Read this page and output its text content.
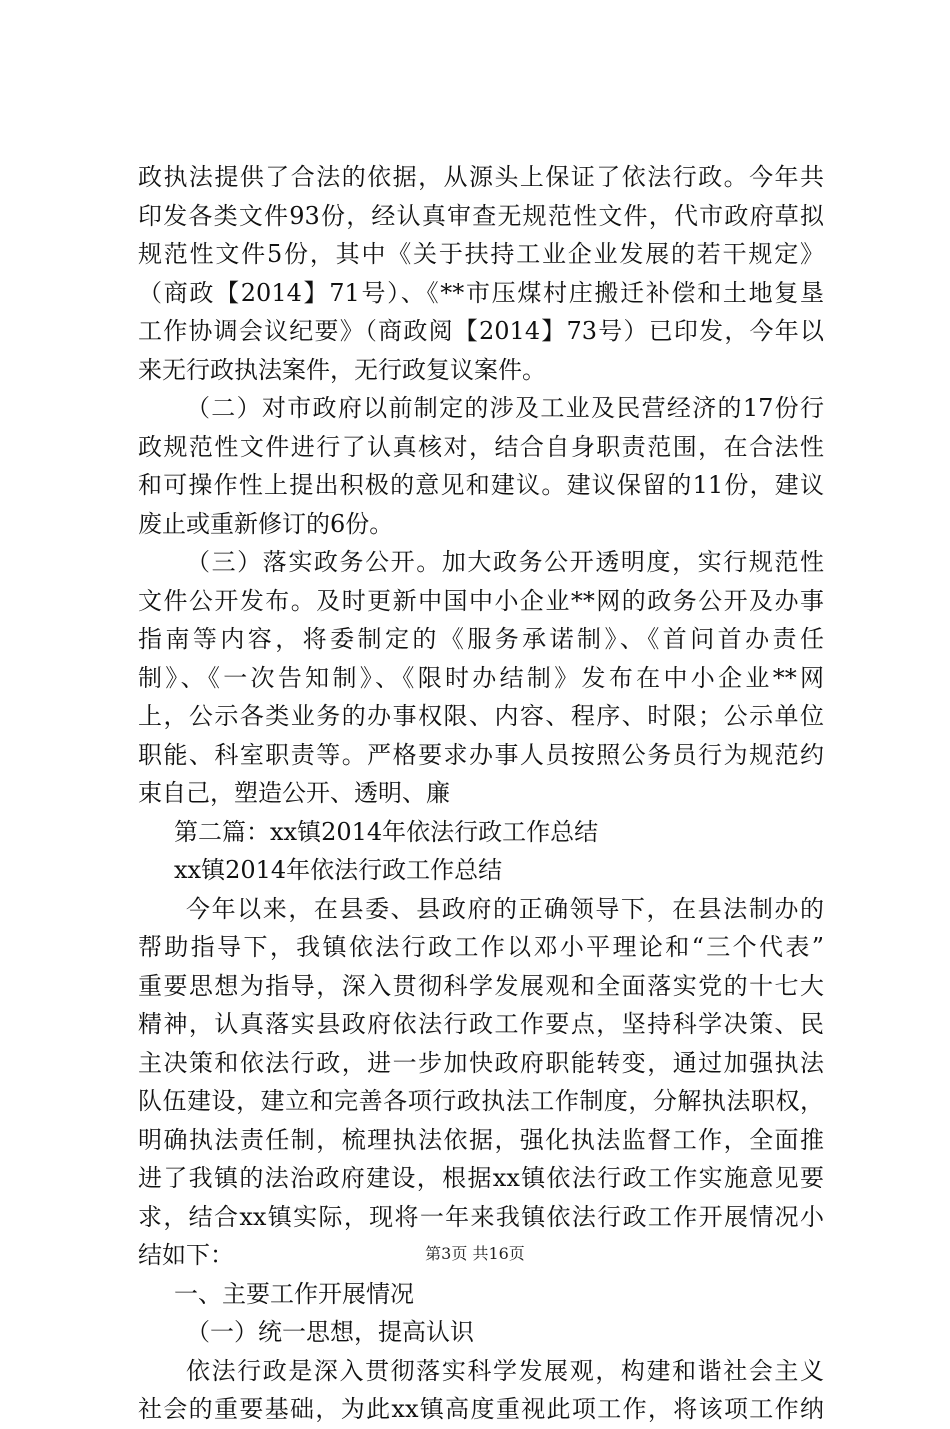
政执法提供了合法的依据，从源头上保证了依法行政。今年共
印发各类文件93份，经认真审查无规范性文件，代市政府草拟
规范性文件5份，其中《关于扶持工业企业发展的若干规定》
（商政【2014】71号）、《**市压煤村庄搬迁补偿和土地复垦
工作协调会议纪要》（商政阅【2014】73号）已印发，今年以
来无行政执法案件，无行政复议案件。
（二）对市政府以前制定的涉及工业及民营经济的17份行
政规范性文件进行了认真核对，结合自身职责范围，在合法性
和可操作性上提出积极的意见和建议。建议保留的11份，建议
废止或重新修订的6份。
（三）落实政务公开。加大政务公开透明度，实行规范性
文件公开发布。及时更新中国中小企业**网的政务公开及办事
指南等内容，将委制定的《服务承诺制》、《首问首办责任
制》、《一次告知制》、《限时办结制》发布在中小企业**网
上，公示各类业务的办事权限、内容、程序、时限；公示单位
职能、科室职责等。严格要求办事人员按照公务员行为规范约
束自己，塑造公开、透明、廉
第二篇：xx镇2014年依法行政工作总结
xx镇2014年依法行政工作总结
今年以来，在县委、县政府的正确领导下，在县法制办的
帮助指导下，我镇依法行政工作以邓小平理论和“三个代表”
重要思想为指导，深入贯彻科学发展观和全面落实党的十七大
精神，认真落实县政府依法行政工作要点，坚持科学决策、民
主决策和依法行政，进一步加快政府职能转变，通过加强执法
队伍建设，建立和完善各项行政执法工作制度，分解执法职权，
明确执法责任制，梳理执法依据，强化执法监督工作，全面推
进了我镇的法治政府建设，根据xx镇依法行政工作实施意见要
求，结合xx镇实际，现将一年来我镇依法行政工作开展情况小
结如下：
一、主要工作开展情况
（一）统一思想，提高认识
依法行政是深入贯彻落实科学发展观，构建和谐社会主义
社会的重要基础，为此xx镇高度重视此项工作，将该项工作纳
第3页 共16页
